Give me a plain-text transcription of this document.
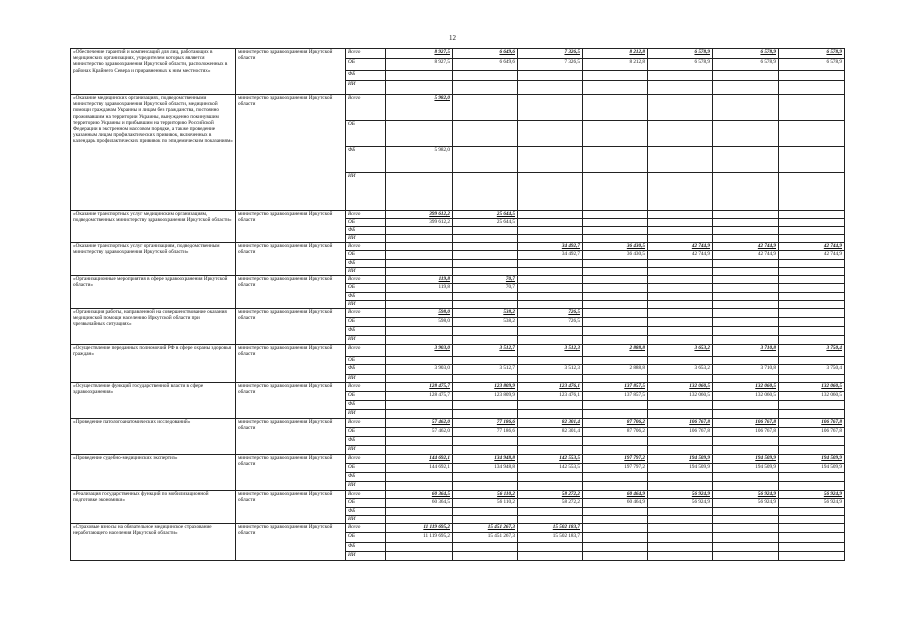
12
«Обеспечение гарантий и компенсаций для лиц, работающих в медицинских организациях, учредителем которых является министерство здравоохранения Иркутской области, расположенных в районах Крайнего Севера и приравненных к ним местностях»	министерство здравоохранения Иркутской области	Всего	8 927,5	6 649,6	7 326,5	8 212,8	6 578,9	6 578,9	6 578,9
		ОБ	8 927,5	6 649,6	7 326,5	8 212,8	6 578,9	6 578,9	6 578,9
		ФБ							
		ИИ							
«Оказание медицинских организациях, подведомственными министерству здравоохранения Иркутской области, медицинской помощи гражданам Украины и лицам без гражданства, постоянно проживавшим на территории Украины, вынужденно покинувшим территорию Украины и прибывшим на территорию Российской Федерации в экстренном массовом порядке, а также проведение указанным лицам профилактических прививок, включенных в календарь профилактических прививок по эпидемическим показаниям»	министерство здравоохранения Иркутской области	Всего	5 982,0						
		ОБ							
		ФБ	5 982,0						
		ИИ							
«Оказание транспортных услуг медицинским организациям, подведомственных министерству здравоохранения Иркутской области»	министерство здравоохранения Иркутской области	Всего	399 612,2	25 644,5					
		ОБ	399 612,2	25 644,5					
		ФБ							
		ИИ							
«Оказание транспортных услуг организациям, подведомственным министерству здравоохранения Иркутской области»	министерство здравоохранения Иркутской области	Всего			34 492,7	36 430,5	42 744,9	42 744,9	42 744,9
		ОБ			34 492,7	36 430,5	42 744,9	42 744,9	42 744,9
		ФБ							
		ИИ							
«Организационные мероприятия в сфере здравоохранения Иркутской области»	министерство здравоохранения Иркутской области	Всего	119,8	70,7					
		ОБ	119,8	70,7					
		ФБ							
		ИИ							
«Организация работы, направленной на совершенствование оказания медицинской помощи населению Иркутской области при чрезвычайных ситуациях»	министерство здравоохранения Иркутской области	Всего	598,0	538,2	726,5				
		ОБ	598,0	538,2	726,5				
		ФБ							
		ИИ							
«Осуществление переданных полномочий РФ в сфере охраны здоровья граждан»	министерство здравоохранения Иркутской области	Всего	3 903,0	3 512,7	3 512,3	2 888,8	3 653,2	3 710,8	3 750,4
		ОБ							
		ФБ	3 903,0	3 512,7	3 512,3	2 888,8	3 653,2	3 710,8	3 750,4
		ИИ							
«Осуществление функций государственной власти в сфере здравоохранения»	министерство здравоохранения Иркутской области	Всего	128 475,7	123 809,9	123 476,1	137 857,5	132 060,5	132 060,5	132 060,5
		ОБ	128 475,7	123 809,9	123 476,1	137 857,5	132 060,5	132 060,5	132 060,5
		ФБ							
		ИИ							
«Проведение патологоанатомических исследований»	министерство здравоохранения Иркутской области	Всего	57 462,0	77 186,6	82 301,4	87 706,2	106 767,8	106 767,8	106 767,8
		ОБ	57 462,0	77 186,6	82 301,4	87 706,2	106 767,8	106 767,8	106 767,8
		ФБ							
		ИИ							
«Проведение судебно-медицинских экспертиз»	министерство здравоохранения Иркутской области	Всего	144 692,1	134 948,8	142 553,5	197 797,2	194 509,9	194 509,9	194 509,9
		ОБ	144 692,1	134 948,8	142 553,5	197 797,2	194 509,9	194 509,9	194 509,9
		ФБ							
		ИИ							
«Реализация государственных функций по мобилизационной подготовке экономики»	министерство здравоохранения Иркутской области	Всего	60 364,5	56 110,2	58 272,2	60 464,9	56 924,9	56 924,9	56 924,9
		ОБ	60 364,5	56 110,2	58 272,2	60 464,9	56 924,9	56 924,9	56 924,9
		ФБ							
		ИИ							
«Страховые взносы на обязательное медицинское страхование неработающего населения Иркутской области»	министерство здравоохранения Иркутской области	Всего	11 119 695,2	15 451 267,3	15 502 183,7				
		ОБ	11 119 695,2	15 451 267,3	15 502 183,7				
		ФБ							
		ИИ							
